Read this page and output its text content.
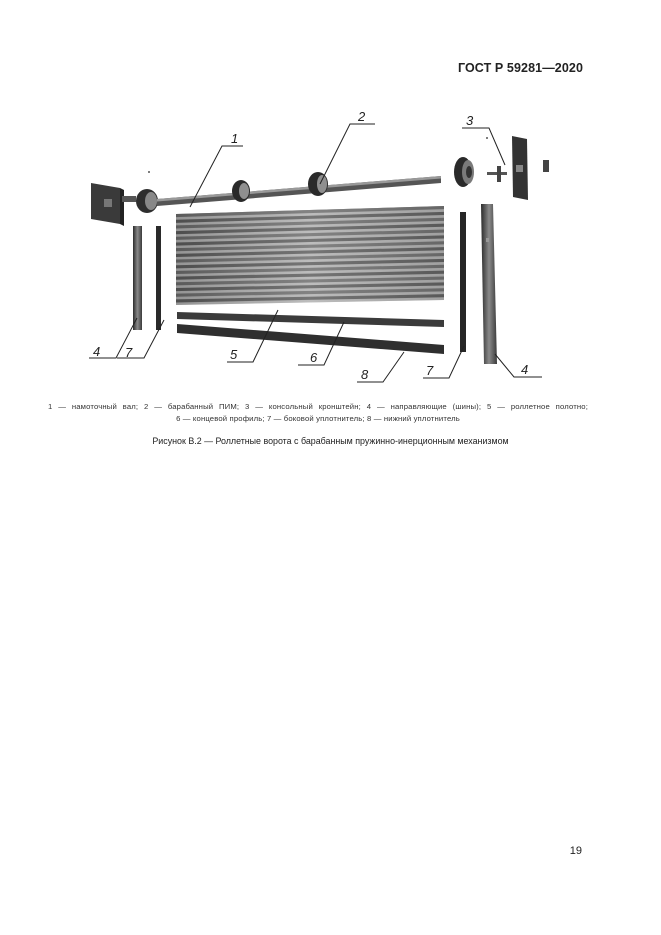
ГОСТ Р 59281—2020
1
2	3
4 7	5	6
8	7	4
1 — намоточный вал; 2 — барабанный ПИМ; 3 — консольный кронштейн; 4 — направляющие (шины); 5 — роллетное полотно;
6 — концевой профиль; 7 — боковой уплотнитель; 8 — нижний уплотнитель
Рисунок В.2 — Роллетные ворота с барабанным пружинно-инерционным механизмом
19
